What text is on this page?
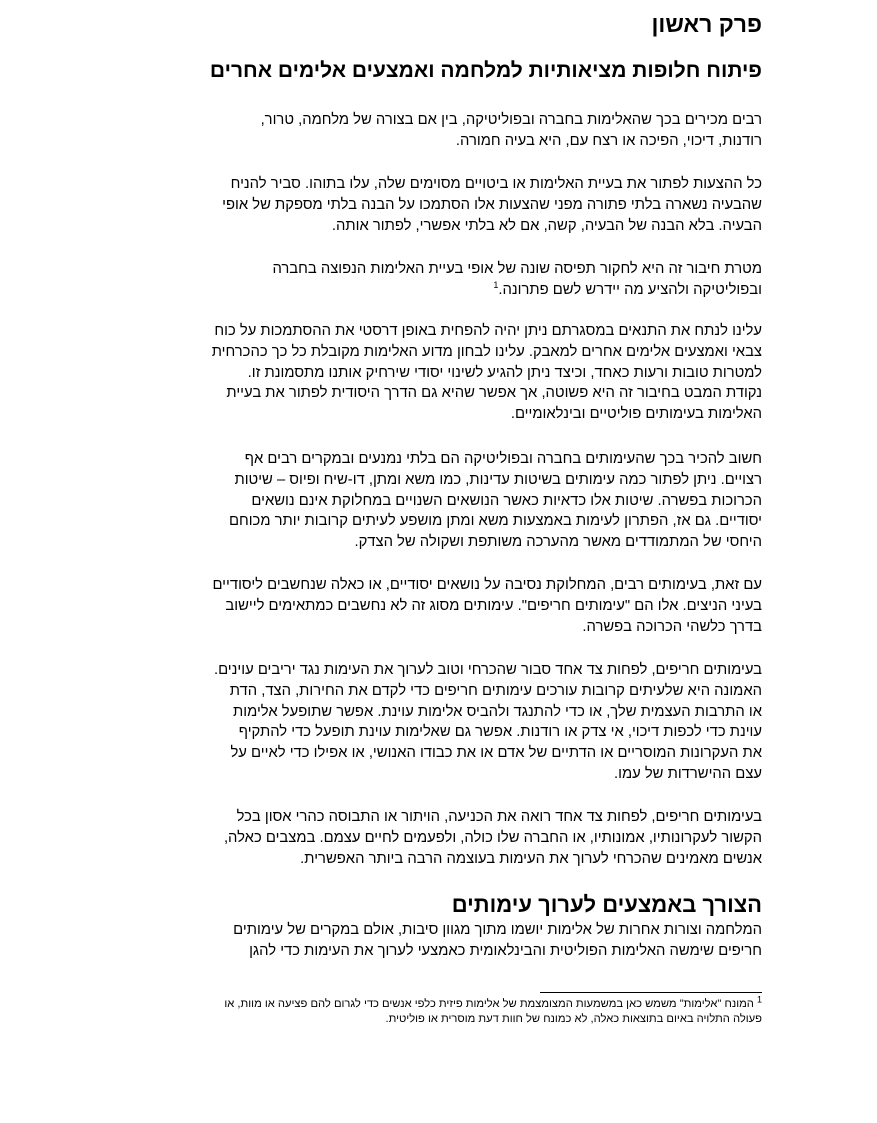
פרק ראשון
פיתוח חלופות מציאותיות למלחמה ואמצעים אלימים אחרים
רבים מכירים בכך שהאלימות בחברה ובפוליטיקה, בין אם בצורה של מלחמה, טרור,
רודנות, דיכוי, הפיכה או רצח עם, היא בעיה חמורה.
כל ההצעות לפתור את בעיית האלימות או ביטויים מסוימים שלה, עלו בתוהו. סביר להניח
שהבעיה נשארה בלתי פתורה מפני שהצעות אלו הסתמכו על הבנה בלתי מספקת של אופי
הבעיה. בלא הבנה של הבעיה, קשה, אם לא בלתי אפשרי, לפתור אותה.
מטרת חיבור זה היא לחקור תפיסה שונה של אופי בעיית האלימות הנפוצה בחברה
ובפוליטיקה ולהציע מה יידרש לשם פתרונה.$^1$
עלינו לנתח את התנאים במסגרתם ניתן יהיה להפחית באופן דרסטי את ההסתמכות על כוח
צבאי ואמצעים אלימים אחרים למאבק. עלינו לבחון מדוע האלימות מקובלת כל כך כהכרחית
למטרות טובות ורעות כאחד, וכיצד ניתן להגיע לשינוי יסודי שירחיק אותנו מתסמונת זו.
נקודת המבט בחיבור זה היא פשוטה, אך אפשר שהיא גם הדרך היסודית לפתור את בעיית
האלימות בעימותים פוליטיים ובינלאומיים.
חשוב להכיר בכך שהעימותים בחברה ובפוליטיקה הם בלתי נמנעים ובמקרים רבים אף
רצויים. ניתן לפתור כמה עימותים בשיטות עדינות, כמו משא ומתן, דו-שיח ופיוס – שיטות
הכרוכות בפשרה. שיטות אלו כדאיות כאשר הנושאים השנויים במחלוקת אינם נושאים
יסודיים. גם אז, הפתרון לעימות באמצעות משא ומתן מושפע לעיתים קרובות יותר מכוחם
היחסי של המתמודדים מאשר מהערכה משותפת ושקולה של הצדק.
עם זאת, בעימותים רבים, המחלוקת נסיבה על נושאים יסודיים, או כאלה שנחשבים ליסודיים
בעיני הניצים. אלו הם "עימותים חריפים". עימותים מסוג זה לא נחשבים כמתאימים ליישוב
בדרך כלשהי הכרוכה בפשרה.
בעימותים חריפים, לפחות צד אחד סבור שהכרחי וטוב לערוך את העימות נגד יריבים עוינים.
האמונה היא שלעיתים קרובות עורכים עימותים חריפים כדי לקדם את החירות, הצד, הדת
או התרבות העצמית שלך, או כדי להתנגד ולהביס אלימות עוינת. אפשר שתופעל אלימות
עוינת כדי לכפות דיכוי, אי צדק או רודנות. אפשר גם שאלימות עוינת תופעל כדי להתקיף
את העקרונות המוסריים או הדתיים של אדם או את כבודו האנושי, או אפילו כדי לאיים על
עצם ההישרדות של עמו.
בעימותים חריפים, לפחות צד אחד רואה את הכניעה, הויתור או התבוסה כהרי אסון בכל
הקשור לעקרונותיו, אמונותיו, או החברה שלו כולה, ולפעמים לחיים עצמם. במצבים כאלה,
אנשים מאמינים שהכרחי לערוך את העימות בעוצמה הרבה ביותר האפשרית.
הצורך באמצעים לערוך עימותים
המלחמה וצורות אחרות של אלימות יושמו מתוך מגוון סיבות, אולם במקרים של עימותים
חריפים שימשה האלימות הפוליטית והבינלאומית כאמצעי לערוך את העימות כדי להגן
$^1$ המונח "אלימות" משמש כאן במשמעות המצומצמת של אלימות פיזית כלפי אנשים כדי לגרום להם פציעה או מוות, או
פעולה התלויה באיום בתוצאות כאלה, לא כמונח של חוות דעת מוסרית או פוליטית.
